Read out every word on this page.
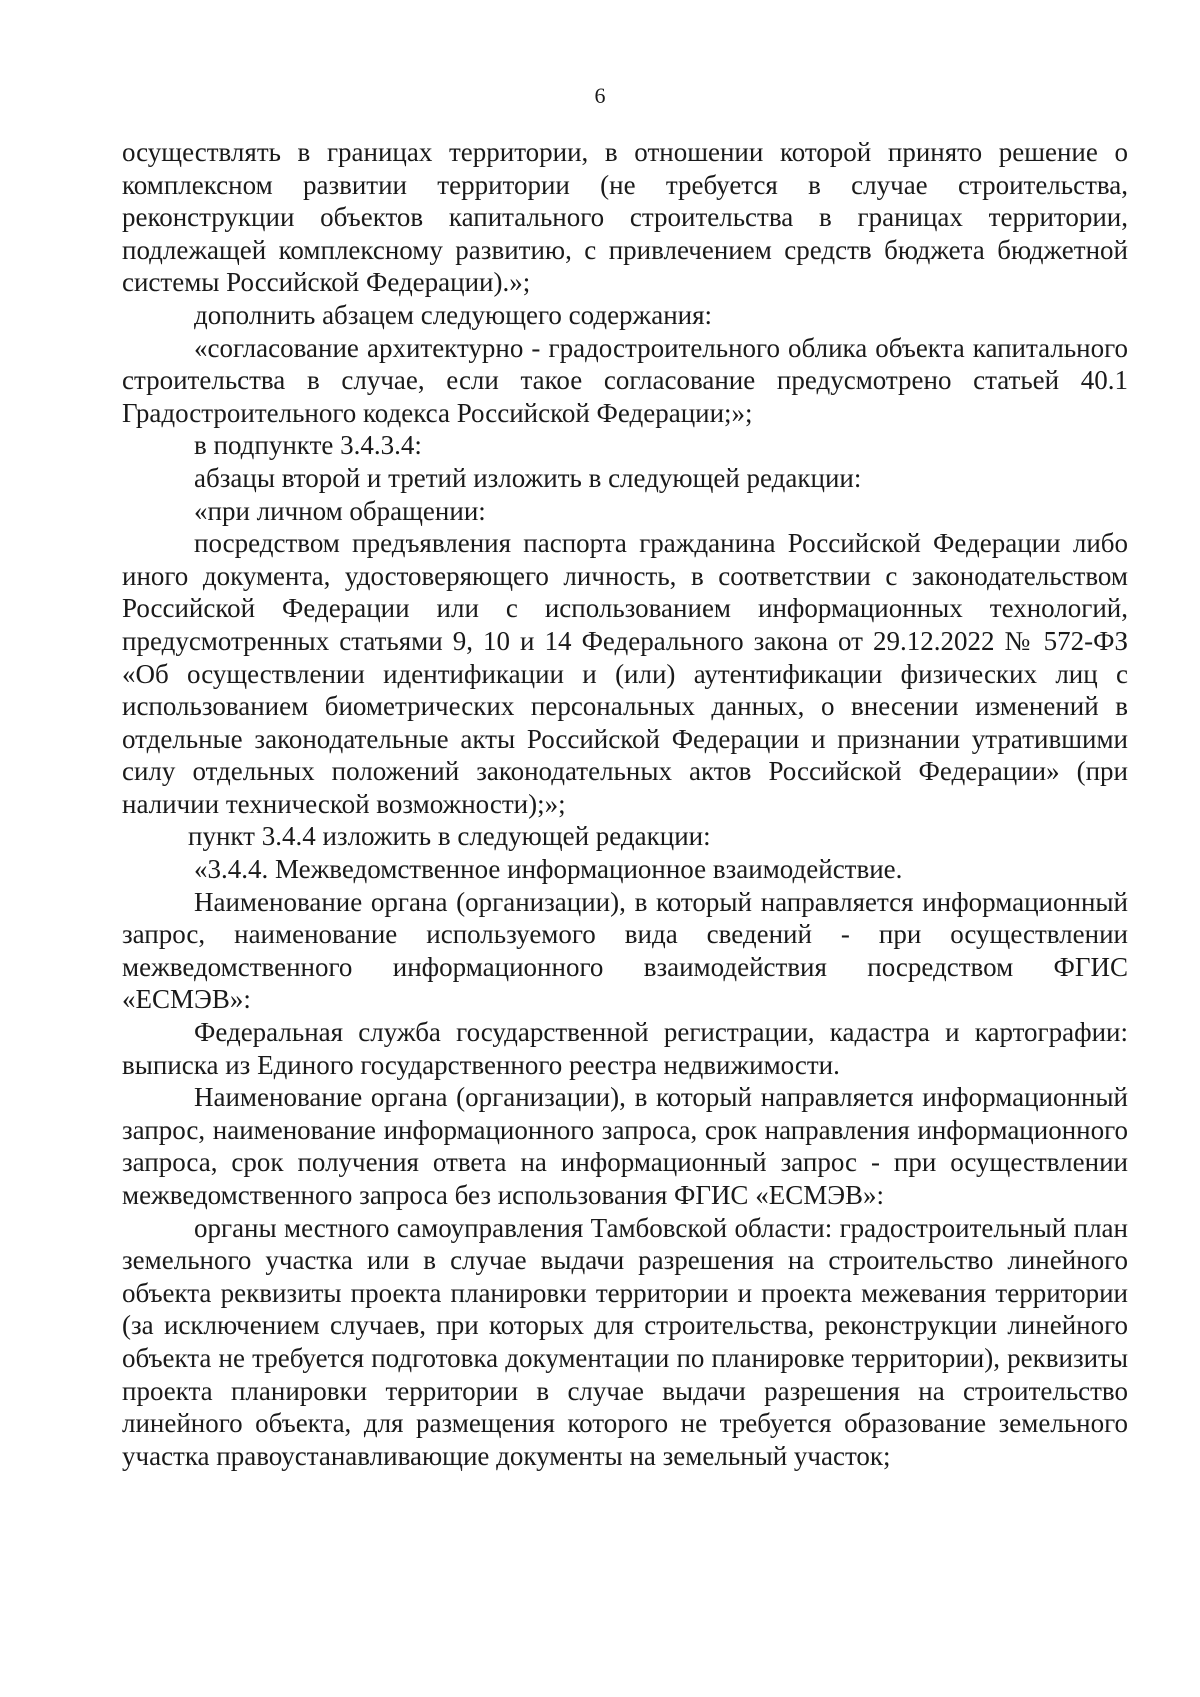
6

осуществлять в границах территории, в отношении которой принято решение о комплексном развитии территории (не требуется в случае строительства, реконструкции объектов капитального строительства в границах территории, подлежащей комплексному развитию, с привлечением средств бюджета бюджетной системы Российской Федерации).»;

дополнить абзацем следующего содержания:

«согласование архитектурно - градостроительного облика объекта капитального строительства в случае, если такое согласование предусмотрено статьей 40.1 Градостроительного кодекса Российской Федерации;»;

в подпункте 3.4.3.4:

абзацы второй и третий изложить в следующей редакции:

«при личном обращении:

посредством предъявления паспорта гражданина Российской Федерации либо иного документа, удостоверяющего личность, в соответствии с законодательством Российской Федерации или с использованием информационных технологий, предусмотренных статьями 9, 10 и 14 Федерального закона от 29.12.2022 № 572-ФЗ «Об осуществлении идентификации и (или) аутентификации физических лиц с использованием биометрических персональных данных, о внесении изменений в отдельные законодательные акты Российской Федерации и признании утратившими силу отдельных положений законодательных актов Российской Федерации» (при наличии технической возможности);»;

пункт 3.4.4 изложить в следующей редакции:

«3.4.4. Межведомственное информационное взаимодействие.

Наименование органа (организации), в который направляется информационный запрос, наименование используемого вида сведений - при осуществлении межведомственного информационного взаимодействия посредством ФГИС «ЕСМЭВ»:

Федеральная служба государственной регистрации, кадастра и картографии: выписка из Единого государственного реестра недвижимости.

Наименование органа (организации), в который направляется информационный запрос, наименование информационного запроса, срок направления информационного запроса, срок получения ответа на информационный запрос - при осуществлении межведомственного запроса без использования ФГИС «ЕСМЭВ»:

органы местного самоуправления Тамбовской области: градостроительный план земельного участка или в случае выдачи разрешения на строительство линейного объекта реквизиты проекта планировки территории и проекта межевания территории (за исключением случаев, при которых для строительства, реконструкции линейного объекта не требуется подготовка документации по планировке территории), реквизиты проекта планировки территории в случае выдачи разрешения на строительство линейного объекта, для размещения которого не требуется образование земельного участка правоустанавливающие документы на земельный участок;
